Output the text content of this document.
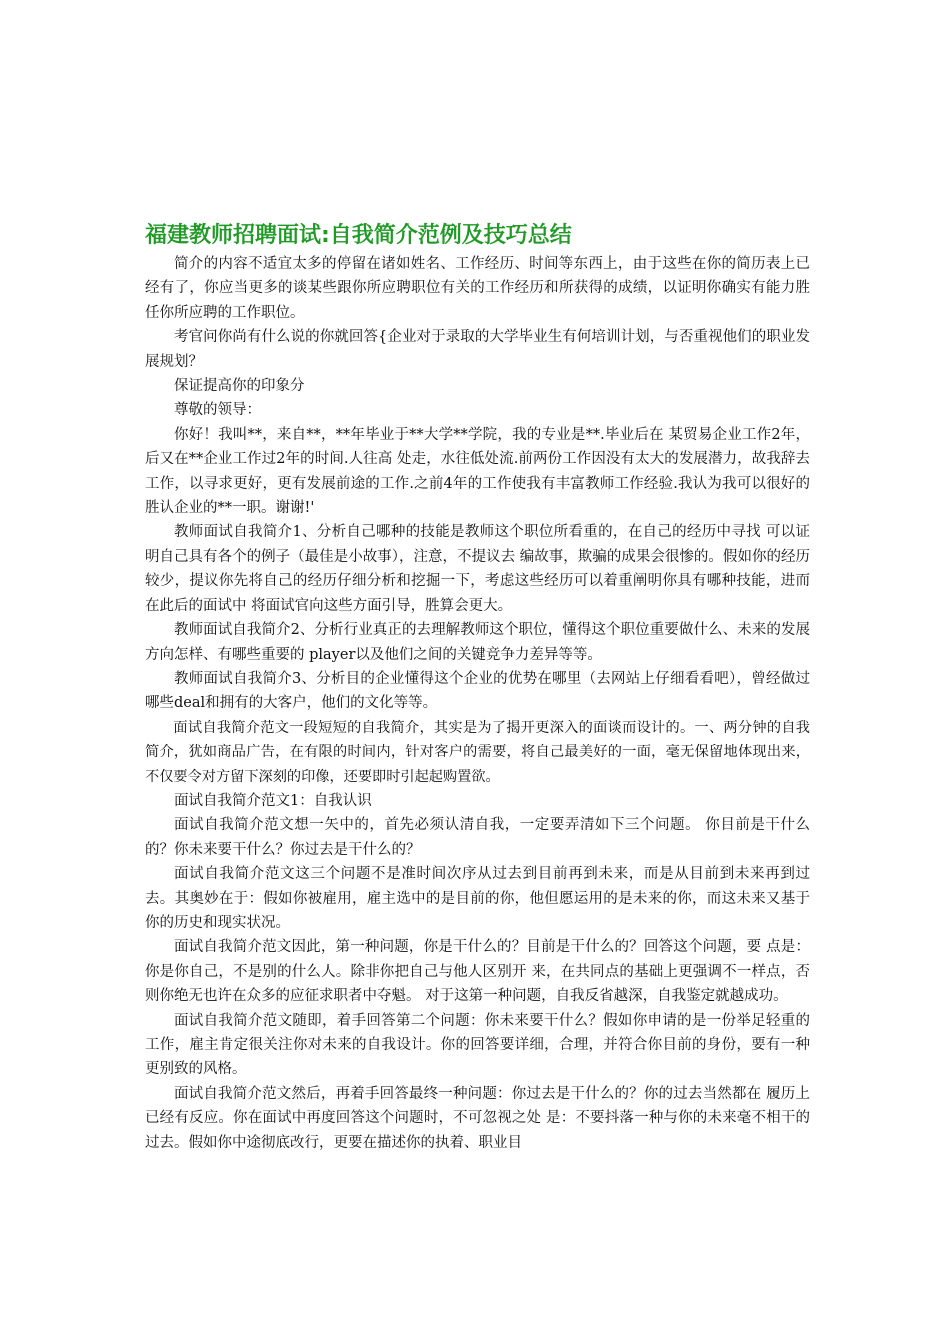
福建教师招聘面试:自我简介范例及技巧总结

简介的内容不适宜太多的停留在诸如姓名、工作经历、时间等东西上，由于这些在你的简历表上已经有了，你应当更多的谈某些跟你所应聘职位有关的工作经历和所获得的成绩，以证明你确实有能力胜任你所应聘的工作职位。

考官问你尚有什么说的你就回答{企业对于录取的大学毕业生有何培训计划，与否重视他们的职业发展规划？

保证提高你的印象分

尊敬的领导：

你好！我叫**，来自**，**年毕业于**大学**学院，我的专业是**.毕业后在 某贸易企业工作2年，后又在**企业工作过2年的时间.人往高 处走，水往低处流.前两份工作因没有太大的发展潜力，故我辞去工作，以寻求更好，更有发展前途的工作.之前4年的工作使我有丰富教师工作经验.我认为我可以很好的胜认企业的**一职。谢谢!'

教师面试自我简介1、分析自己哪种的技能是教师这个职位所看重的，在自己的经历中寻找 可以证明自己具有各个的例子（最佳是小故事），注意，不提议去 编故事，欺骗的成果会很惨的。假如你的经历较少，提议你先将自己的经历仔细分析和挖掘一下，考虑这些经历可以着重阐明你具有哪种技能，进而在此后的面试中 将面试官向这些方面引导，胜算会更大。

教师面试自我简介2、分析行业真正的去理解教师这个职位，懂得这个职位重要做什么、未来的发展方向怎样、有哪些重要的 player以及他们之间的关键竞争力差异等等。

教师面试自我简介3、分析目的企业懂得这个企业的优势在哪里（去网站上仔细看看吧），曾经做过哪些deal和拥有的大客户，他们的文化等等。

面试自我简介范文一段短短的自我简介，其实是为了揭开更深入的面谈而设计的。一、两分钟的自我简介，犹如商品广告，在有限的时间内，针对客户的需要，将自己最美好的一面，毫无保留地体现出来，不仅要令对方留下深刻的印像，还要即时引起起购置欲。

面试自我简介范文1：自我认识

面试自我简介范文想一矢中的，首先必须认清自我，一定要弄清如下三个问题。 你目前是干什么的？你未来要干什么？你过去是干什么的？

面试自我简介范文这三个问题不是准时间次序从过去到目前再到未来，而是从目前到未来再到过去。其奥妙在于：假如你被雇用，雇主选中的是目前的你，他但愿运用的是未来的你，而这未来又基于你的历史和现实状况。

面试自我简介范文因此，第一种问题，你是干什么的？目前是干什么的？回答这个问题，要 点是：你是你自己，不是别的什么人。除非你把自己与他人区别开 来，在共同点的基础上更强调不一样点，否则你绝无也许在众多的应征求职者中夺魁。 对于这第一种问题，自我反省越深，自我鉴定就越成功。

面试自我简介范文随即，着手回答第二个问题：你未来要干什么？假如你申请的是一份举足轻重的工作，雇主肯定很关注你对未来的自我设计。你的回答要详细，合理，并符合你目前的身份，要有一种更别致的风格。

面试自我简介范文然后，再着手回答最终一种问题：你过去是干什么的？你的过去当然都在 履历上已经有反应。你在面试中再度回答这个问题时，不可忽视之处 是：不要抖落一种与你的未来毫不相干的过去。假如你中途彻底改行，更要在描述你的执着、职业目
